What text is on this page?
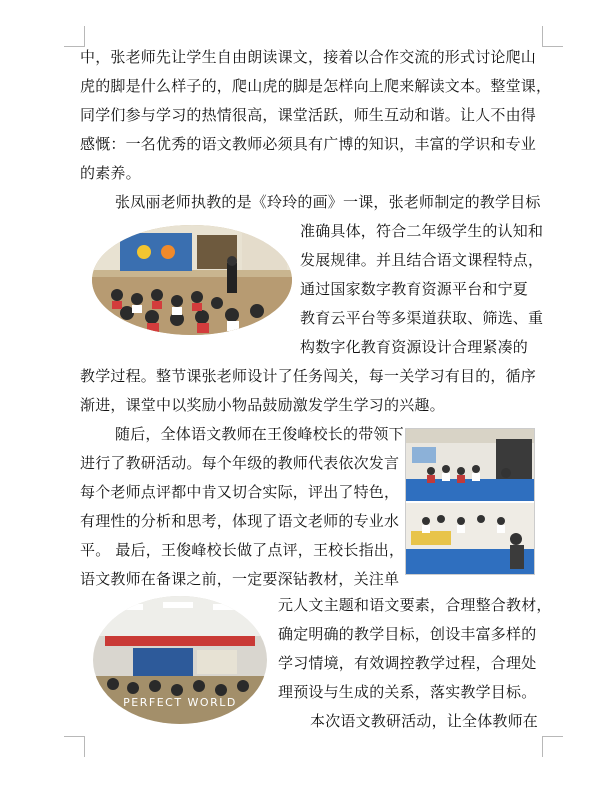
中，张老师先让学生自由朗读课文，接着以合作交流的形式讨论爬山
虎的脚是什么样子的，爬山虎的脚是怎样向上爬来解读文本。整堂课，
同学们参与学习的热情很高，课堂活跃，师生互动和谐。让人不由得
感慨：一名优秀的语文教师必须具有广博的知识，丰富的学识和专业
的素养。
张凤丽老师执教的是《玲玲的画》一课，张老师制定的教学目标
准确具体，符合二年级学生的认知和
发展规律。并且结合语文课程特点，
通过国家数字教育资源平台和宁夏
教育云平台等多渠道获取、筛选、重
构数字化教育资源设计合理紧凑的
教学过程。整节课张老师设计了任务闯关，每一关学习有目的，循序
渐进，课堂中以奖励小物品鼓励激发学生学习的兴趣。
随后，全体语文教师在王俊峰校长的带领下
进行了教研活动。每个年级的教师代表依次发言
每个老师点评都中肯又切合实际，评出了特色，
有理性的分析和思考，体现了语文老师的专业水
平。 最后，王俊峰校长做了点评，王校长指出，
语文教师在备课之前，一定要深钻教材，关注单
元人文主题和语文要素，合理整合教材，
确定明确的教学目标，创设丰富多样的
学习情境，有效调控教学过程，合理处
理预设与生成的关系，落实教学目标。
本次语文教研活动，让全体教师在
PERFECT WORLD
